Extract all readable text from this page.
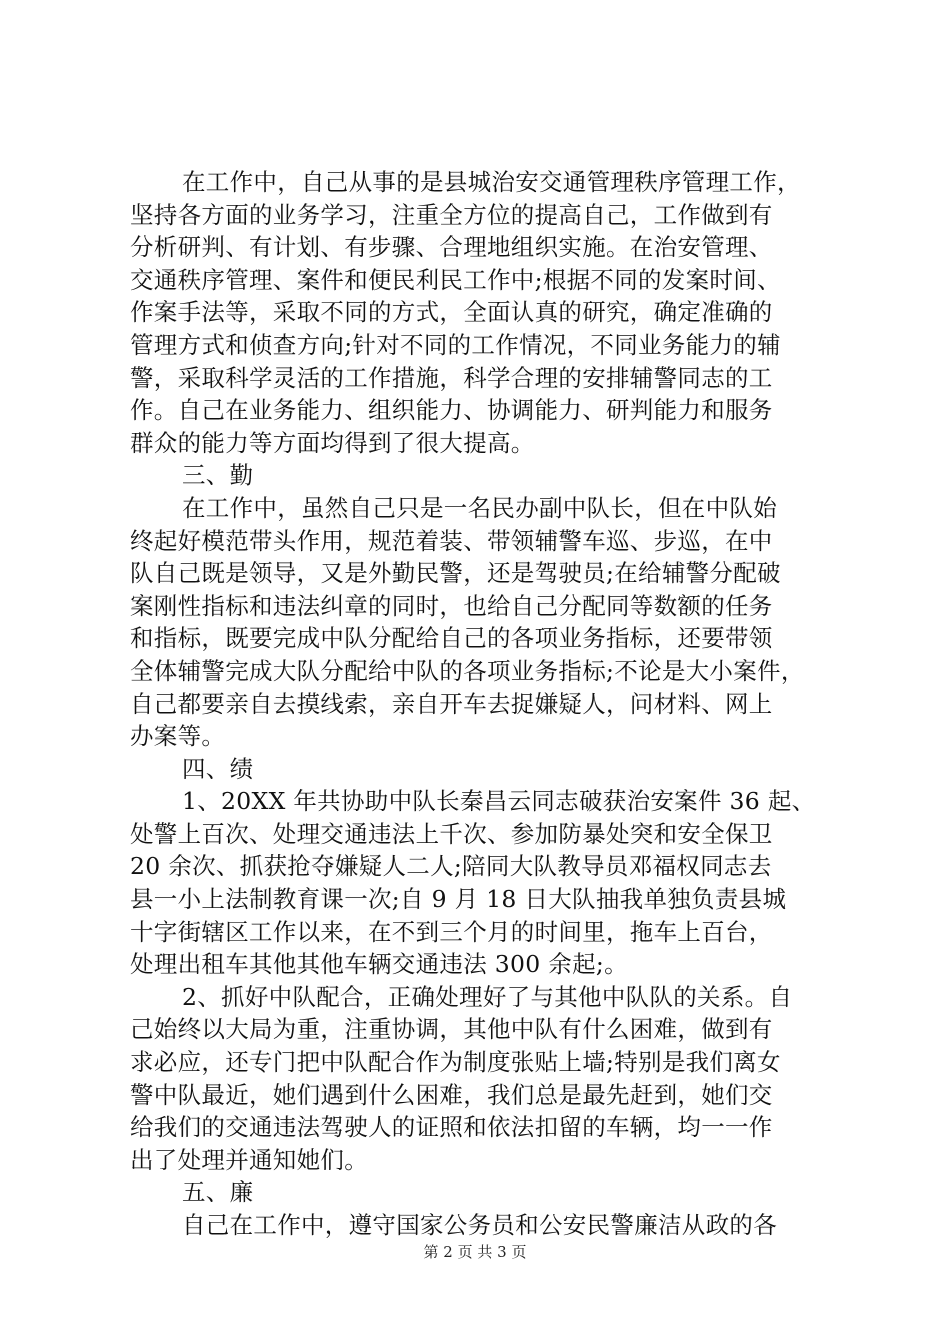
在工作中，自己从事的是县城治安交通管理秩序管理工作，
坚持各方面的业务学习，注重全方位的提高自己，工作做到有
分析研判、有计划、有步骤、合理地组织实施。在治安管理、
交通秩序管理、案件和便民利民工作中;根据不同的发案时间、
作案手法等，采取不同的方式，全面认真的研究，确定准确的
管理方式和侦查方向;针对不同的工作情况，不同业务能力的辅
警，采取科学灵活的工作措施，科学合理的安排辅警同志的工
作。自己在业务能力、组织能力、协调能力、研判能力和服务
群众的能力等方面均得到了很大提高。
三、勤
在工作中，虽然自己只是一名民办副中队长，但在中队始
终起好模范带头作用，规范着装、带领辅警车巡、步巡，在中
队自己既是领导，又是外勤民警，还是驾驶员;在给辅警分配破
案刚性指标和违法纠章的同时，也给自己分配同等数额的任务
和指标，既要完成中队分配给自己的各项业务指标，还要带领
全体辅警完成大队分配给中队的各项业务指标;不论是大小案件，
自己都要亲自去摸线索，亲自开车去捉嫌疑人，问材料、网上
办案等。
四、绩
1、20XX 年共协助中队长秦昌云同志破获治安案件 36 起、
处警上百次、处理交通违法上千次、参加防暴处突和安全保卫
20 余次、抓获抢夺嫌疑人二人;陪同大队教导员邓福权同志去
县一小上法制教育课一次;自 9 月 18 日大队抽我单独负责县城
十字街辖区工作以来，在不到三个月的时间里，拖车上百台，
处理出租车其他其他车辆交通违法 300 余起;。
2、抓好中队配合，正确处理好了与其他中队队的关系。自
己始终以大局为重，注重协调，其他中队有什么困难，做到有
求必应，还专门把中队配合作为制度张贴上墙;特别是我们离女
警中队最近，她们遇到什么困难，我们总是最先赶到，她们交
给我们的交通违法驾驶人的证照和依法扣留的车辆，均一一作
出了处理并通知她们。
五、廉
自己在工作中，遵守国家公务员和公安民警廉洁从政的各
第 2 页 共 3 页
